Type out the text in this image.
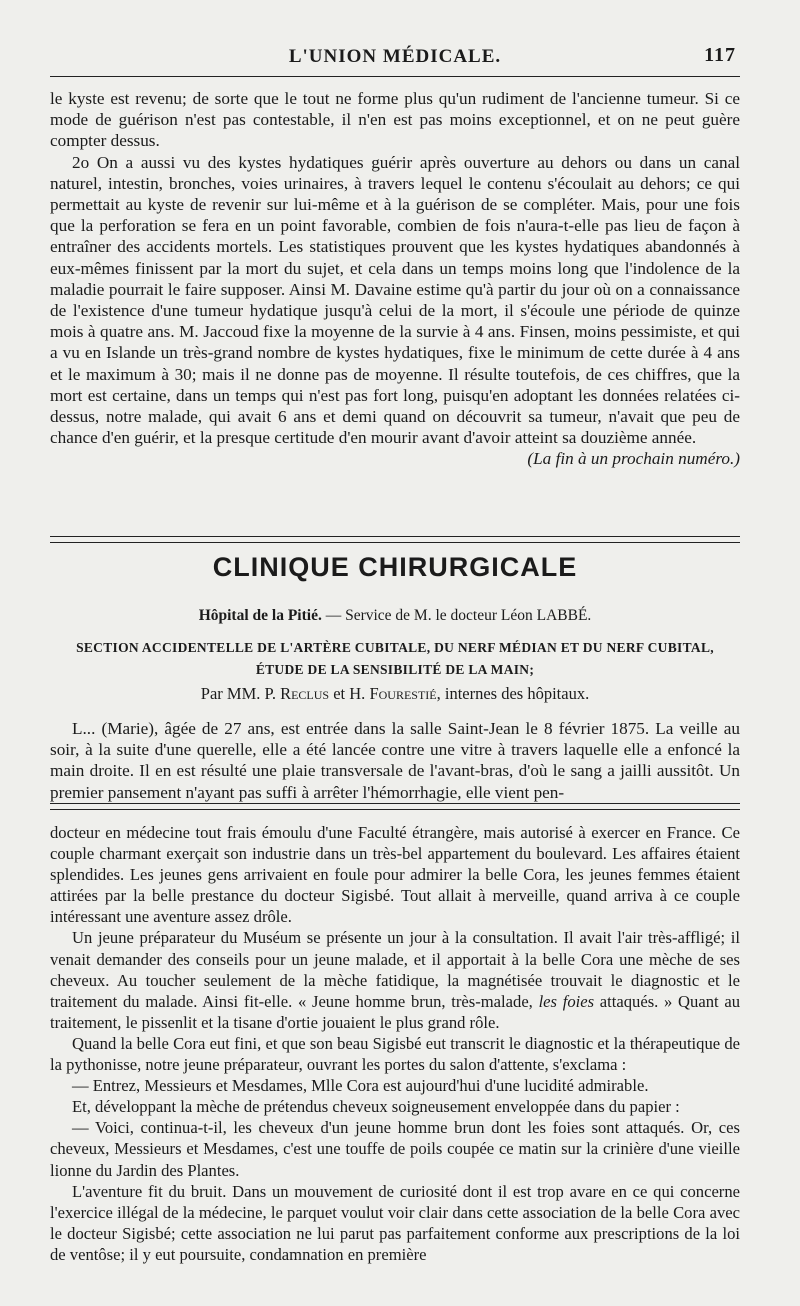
L'UNION MÉDICALE.	117

le kyste est revenu; de sorte que le tout ne forme plus qu'un rudiment de l'ancienne tumeur. Si ce mode de guérison n'est pas contestable, il n'en est pas moins exceptionnel, et on ne peut guère compter dessus.

2o On a aussi vu des kystes hydatiques guérir après ouverture au dehors ou dans un canal naturel, intestin, bronches, voies urinaires, à travers lequel le contenu s'écoulait au dehors; ce qui permettait au kyste de revenir sur lui-même et à la guérison de se compléter. Mais, pour une fois que la perforation se fera en un point favorable, combien de fois n'aura-t-elle pas lieu de façon à entraîner des accidents mortels. Les statistiques prouvent que les kystes hydatiques abandonnés à eux-mêmes finissent par la mort du sujet, et cela dans un temps moins long que l'indolence de la maladie pourrait le faire supposer. Ainsi M. Davaine estime qu'à partir du jour où on a connaissance de l'existence d'une tumeur hydatique jusqu'à celui de la mort, il s'écoule une période de quinze mois à quatre ans. M. Jaccoud fixe la moyenne de la survie à 4 ans. Finsen, moins pessimiste, et qui a vu en Islande un très-grand nombre de kystes hydatiques, fixe le minimum de cette durée à 4 ans et le maximum à 30; mais il ne donne pas de moyenne. Il résulte toutefois, de ces chiffres, que la mort est certaine, dans un temps qui n'est pas fort long, puisqu'en adoptant les données relatées ci-dessus, notre malade, qui avait 6 ans et demi quand on découvrit sa tumeur, n'avait que peu de chance d'en guérir, et la presque certitude d'en mourir avant d'avoir atteint sa douzième année.

(La fin à un prochain numéro.)

CLINIQUE CHIRURGICALE
Hôpital de la Pitié. — Service de M. le docteur Léon LABBÉ.
SECTION ACCIDENTELLE DE L'ARTÈRE CUBITALE, DU NERF MÉDIAN ET DU NERF CUBITAL,
ÉTUDE DE LA SENSIBILITÉ DE LA MAIN;
Par MM. P. Reclus et H. Fourestié, internes des hôpitaux.

L... (Marie), âgée de 27 ans, est entrée dans la salle Saint-Jean le 8 février 1875. La veille au soir, à la suite d'une querelle, elle a été lancée contre une vitre à travers laquelle elle a enfoncé la main droite. Il en est résulté une plaie transversale de l'avant-bras, d'où le sang a jailli aussitôt. Un premier pansement n'ayant pas suffi à arrêter l'hémorrhagie, elle vient pen-

docteur en médecine tout frais émoulu d'une Faculté étrangère, mais autorisé à exercer en France. Ce couple charmant exerçait son industrie dans un très-bel appartement du boulevard. Les affaires étaient splendides. Les jeunes gens arrivaient en foule pour admirer la belle Cora, les jeunes femmes étaient attirées par la belle prestance du docteur Sigisbé. Tout allait à merveille, quand arriva à ce couple intéressant une aventure assez drôle.

Un jeune préparateur du Muséum se présente un jour à la consultation. Il avait l'air très-affligé; il venait demander des conseils pour un jeune malade, et il apportait à la belle Cora une mèche de ses cheveux. Au toucher seulement de la mèche fatidique, la magnétisée trouvait le diagnostic et le traitement du malade. Ainsi fit-elle. « Jeune homme brun, très-malade, les foies attaqués. » Quant au traitement, le pissenlit et la tisane d'ortie jouaient le plus grand rôle.

Quand la belle Cora eut fini, et que son beau Sigisbé eut transcrit le diagnostic et la thérapeutique de la pythonisse, notre jeune préparateur, ouvrant les portes du salon d'attente, s'exclama :

— Entrez, Messieurs et Mesdames, Mlle Cora est aujourd'hui d'une lucidité admirable.

Et, développant la mèche de prétendus cheveux soigneusement enveloppée dans du papier :

— Voici, continua-t-il, les cheveux d'un jeune homme brun dont les foies sont attaqués. Or, ces cheveux, Messieurs et Mesdames, c'est une touffe de poils coupée ce matin sur la crinière d'une vieille lionne du Jardin des Plantes.

L'aventure fit du bruit. Dans un mouvement de curiosité dont il est trop avare en ce qui concerne l'exercice illégal de la médecine, le parquet voulut voir clair dans cette association de la belle Cora avec le docteur Sigisbé; cette association ne lui parut pas parfaitement conforme aux prescriptions de la loi de ventôse; il y eut poursuite, condamnation en première
